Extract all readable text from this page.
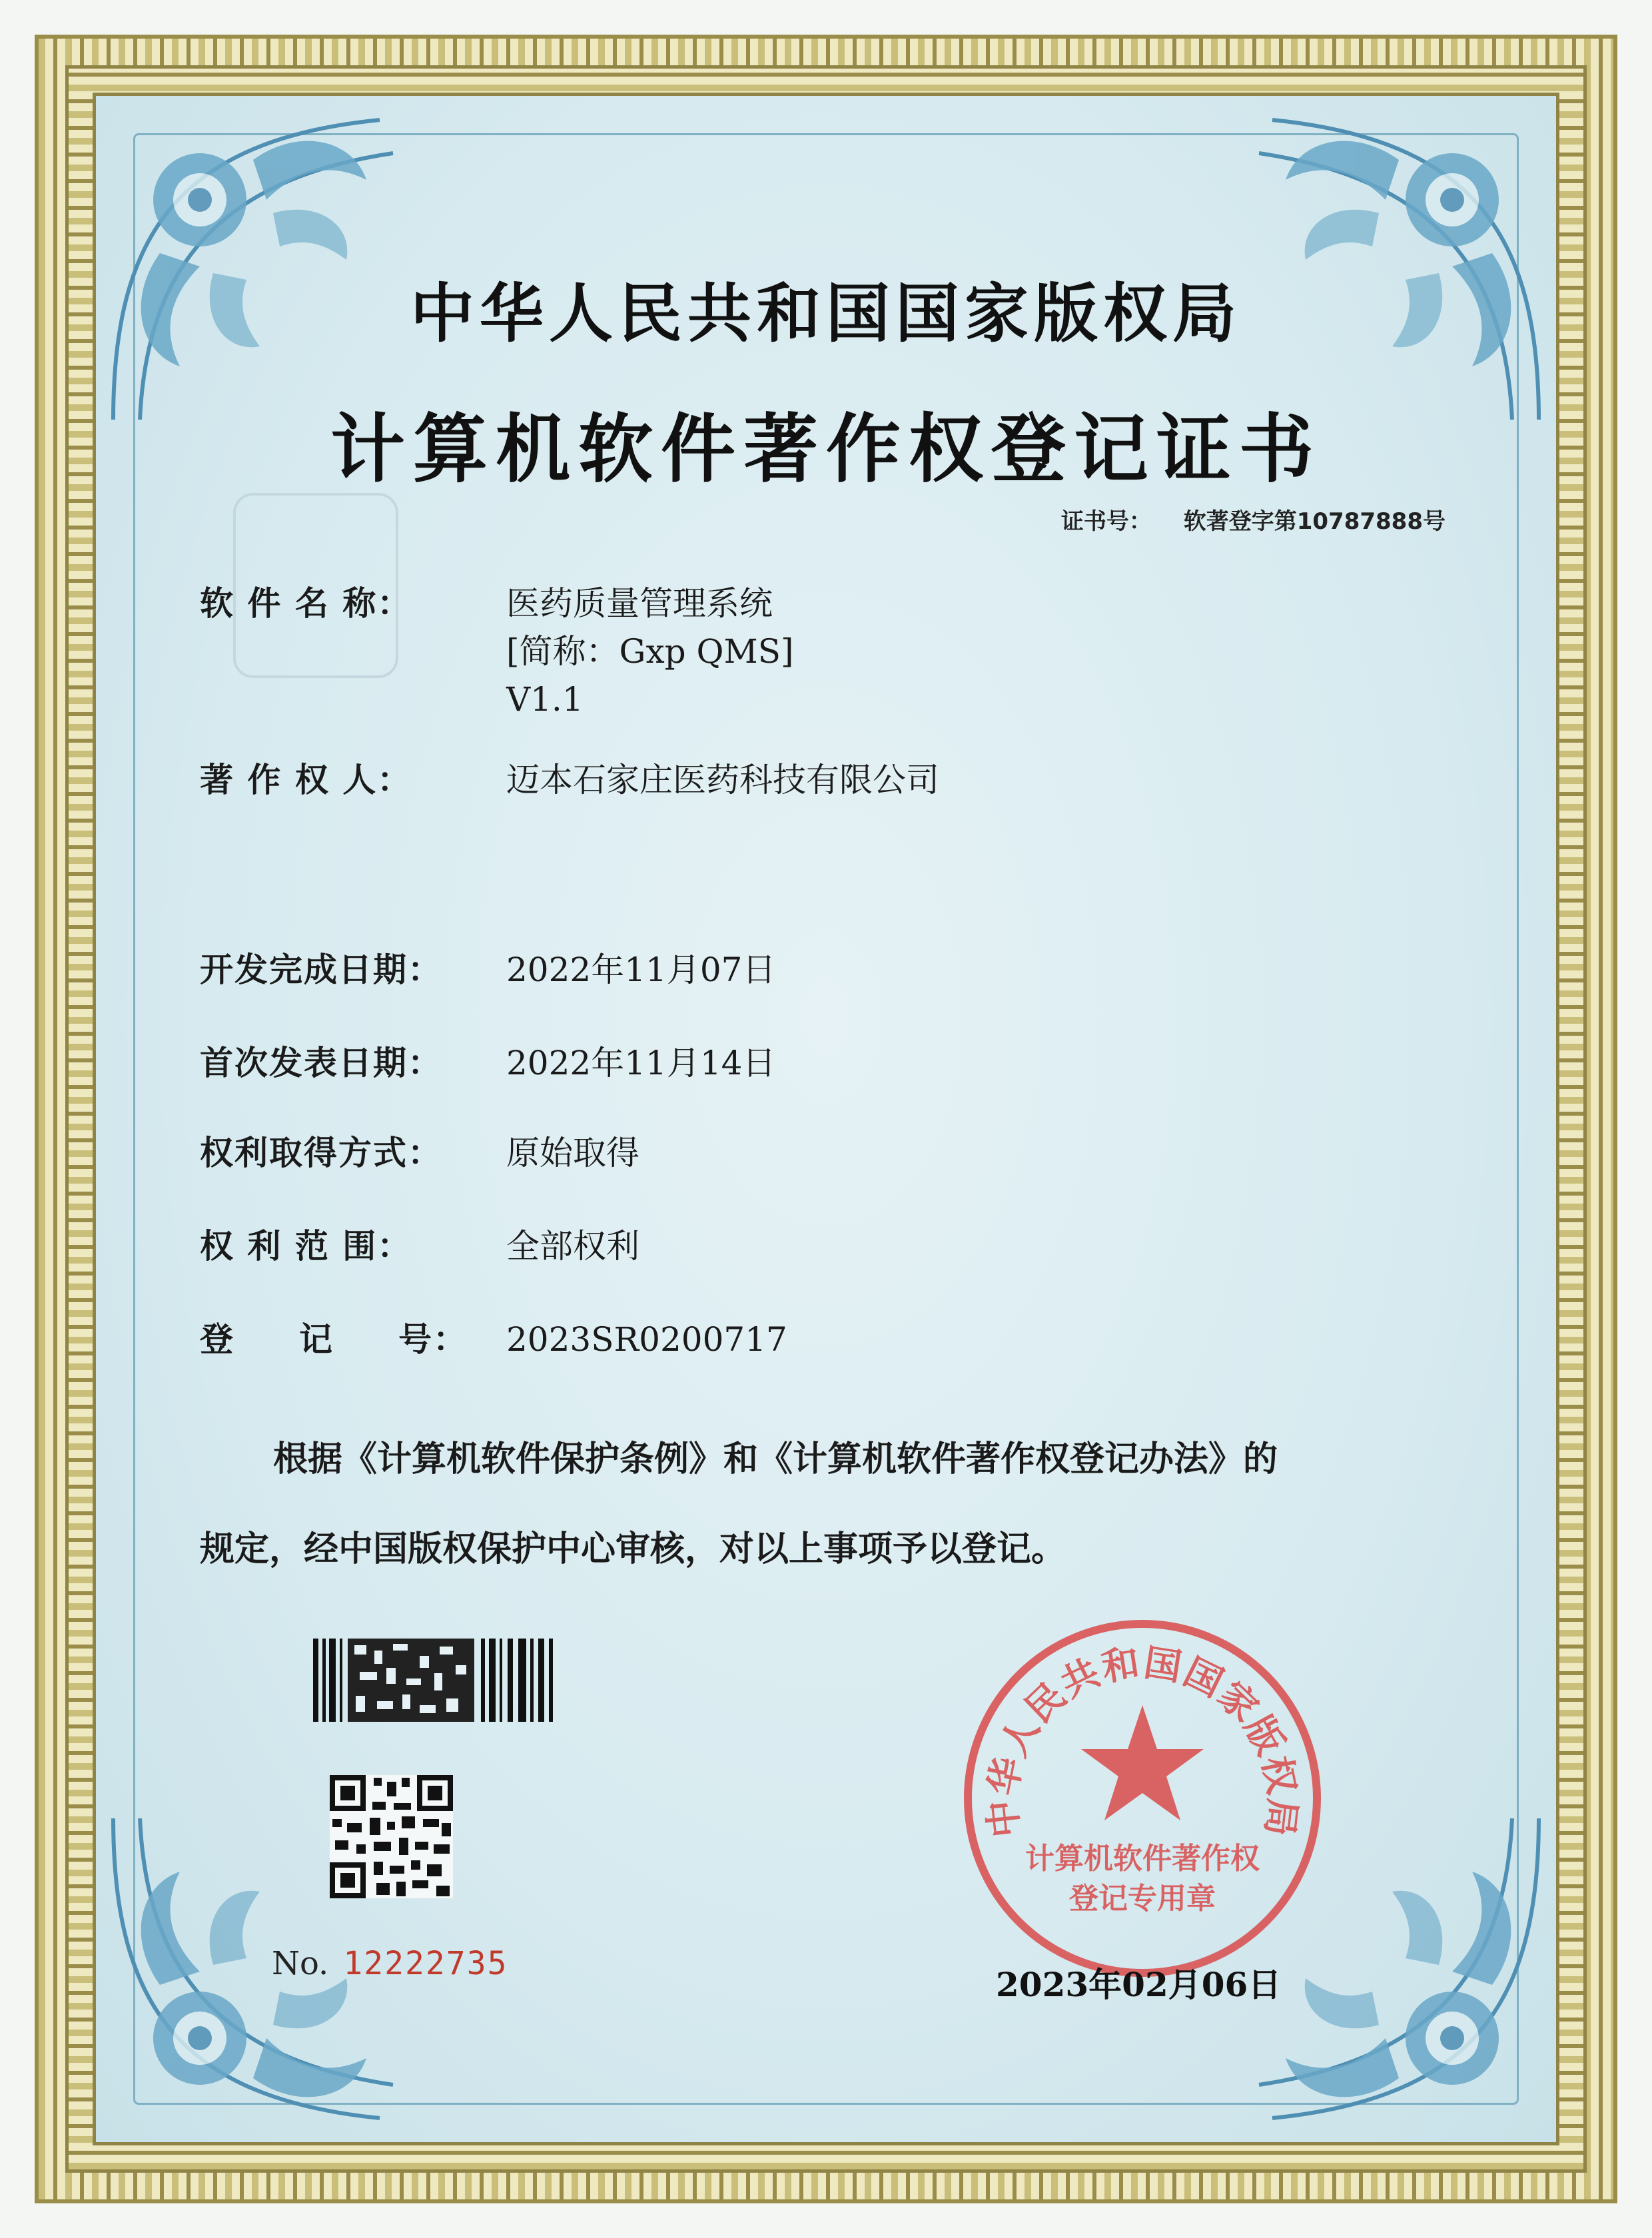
中华人民共和国国家版权局
计算机软件著作权登记证书
证书号： 软著登字第10787888号
软 件 名 称：	医药质量管理系统
[简称：Gxp QMS]
V1.1
著 作 权 人：	迈本石家庄医药科技有限公司
开发完成日期： 2022年11月07日
首次发表日期： 2022年11月14日
权利取得方式： 原始取得
权 利 范 围：	全部权利
登     记     号： 2023SR0200717
根据《计算机软件保护条例》和《计算机软件著作权登记办法》的
规定，经中国版权保护中心审核，对以上事项予以登记。
No. 12222735
中华人民共和国国家版权局
计算机软件著作权
登记专用章
2023年02月06日
